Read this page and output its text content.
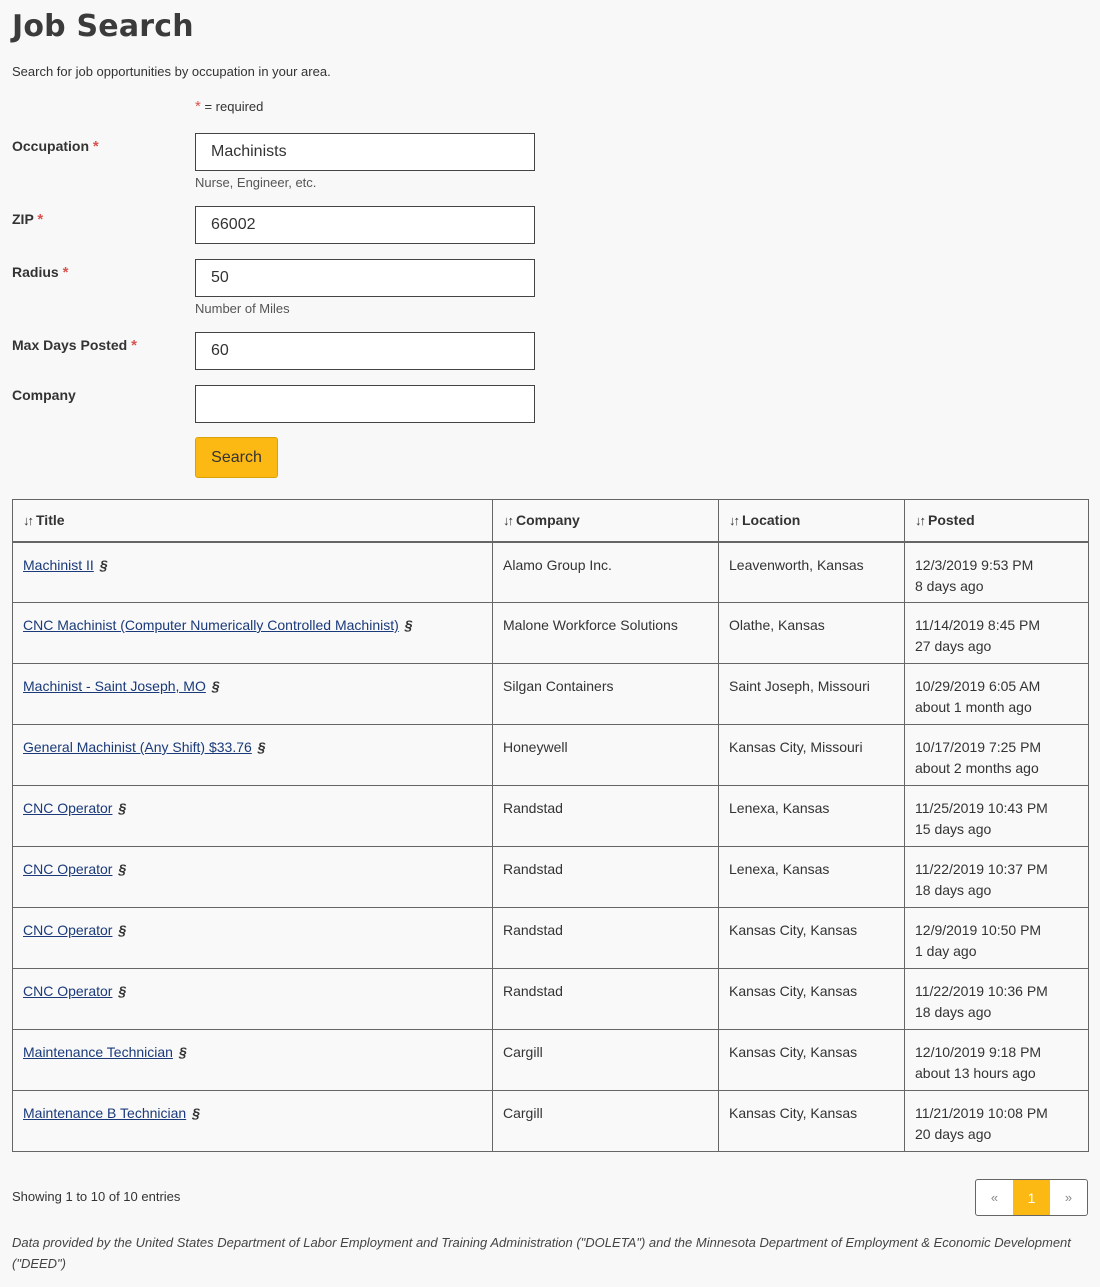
Job Search
Search for job opportunities by occupation in your area.
* = required
Occupation *
Machinists
Nurse, Engineer, etc.
ZIP *
66002
Radius *
50
Number of Miles
Max Days Posted *
60
Company
Search
↓↑ Title	↓↑ Company	↓↑ Location	↓↑ Posted
Machinist II §	Alamo Group Inc.	Leavenworth, Kansas	12/3/2019 9:53 PM
8 days ago

CNC Machinist (Computer Numerically Controlled Machinist) §	Malone Workforce Solutions	Olathe, Kansas	11/14/2019 8:45 PM
27 days ago

Machinist - Saint Joseph, MO §	Silgan Containers	Saint Joseph, Missouri	10/29/2019 6:05 AM
about 1 month ago

General Machinist (Any Shift) $33.76 §	Honeywell	Kansas City, Missouri	10/17/2019 7:25 PM
about 2 months ago

CNC Operator §	Randstad	Lenexa, Kansas	11/25/2019 10:43 PM
15 days ago

CNC Operator §	Randstad	Lenexa, Kansas	11/22/2019 10:37 PM
18 days ago

CNC Operator §	Randstad	Kansas City, Kansas	12/9/2019 10:50 PM
1 day ago

CNC Operator §	Randstad	Kansas City, Kansas	11/22/2019 10:36 PM
18 days ago

Maintenance Technician §	Cargill	Kansas City, Kansas	12/10/2019 9:18 PM
about 13 hours ago

Maintenance B Technician §	Cargill	Kansas City, Kansas	11/21/2019 10:08 PM
20 days ago
Showing 1 to 10 of 10 entries	«	1	»
Data provided by the United States Department of Labor Employment and Training Administration ("DOLETA") and the Minnesota Department of Employment & Economic Development ("DEED")
